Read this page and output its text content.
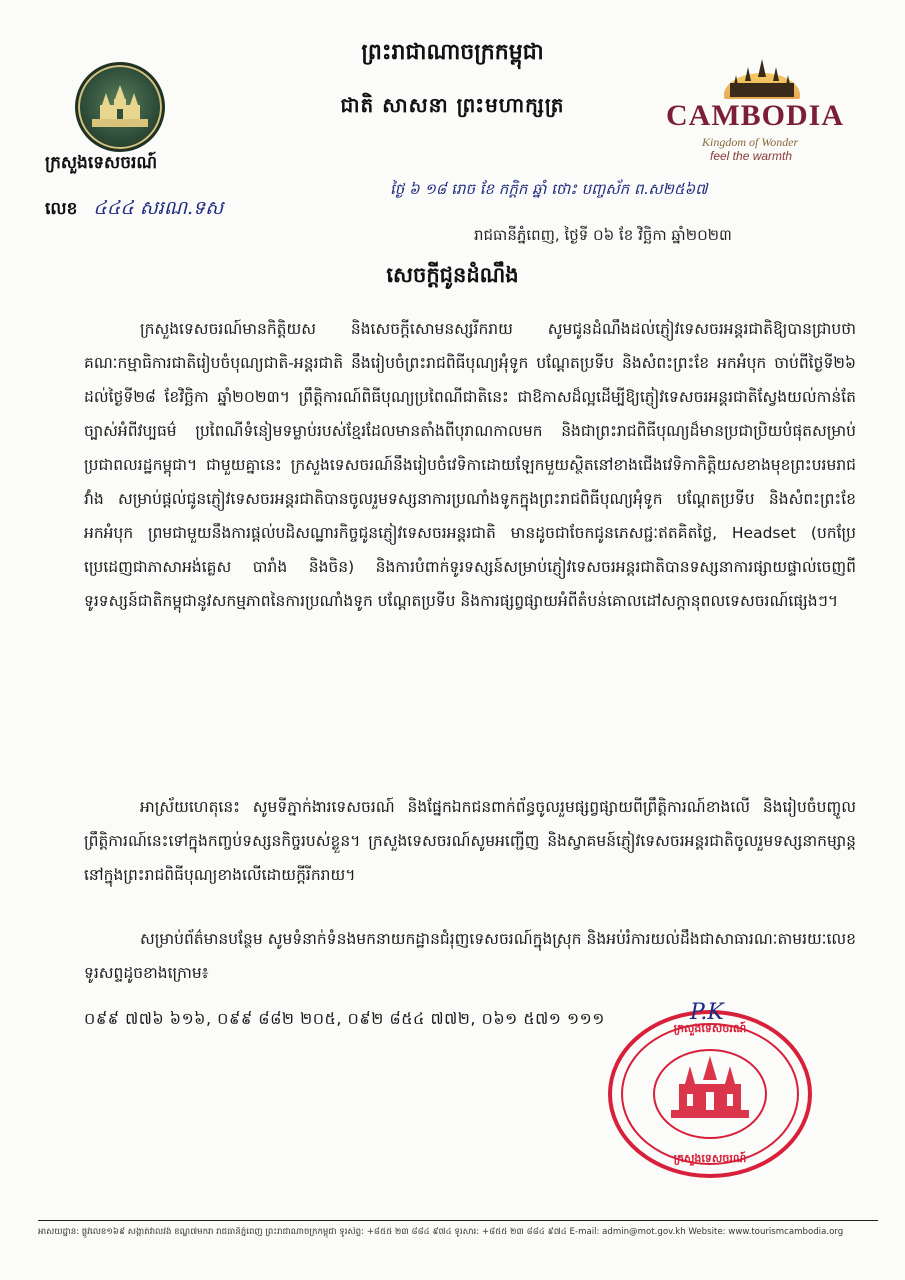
ព្រះរាជាណាចក្រកម្ពុជា
ជាតិ សាសនា ព្រះមហាក្សត្រ
ក្រសួងទេសចរណ៍
លេខ ៤៤៤ សរណ.ទស
CAMBODIA
Kingdom of Wonder
feel the warmth
ថ្ងៃ ៦ ១៨ រោច ខែ កក្ដិក ឆ្នាំ ថោះ បញ្ចស័ក ព.ស២៥៦៧
រាជធានីភ្នំពេញ, ថ្ងៃទី ០៦ ខែ វិច្ឆិកា ឆ្នាំ២០២៣
សេចក្ដីជូនដំណឹង
ក្រសួងទេសចរណ៍មានកិត្តិយស និងសេចក្ដីសោមនស្សរីករាយ សូមជូនដំណឹងដល់ភ្ញៀវទេសចរអន្តរជាតិឱ្យបានជ្រាបថា គណៈកម្មាធិការជាតិរៀបចំបុណ្យជាតិ-អន្តរជាតិ នឹងរៀបចំព្រះរាជពិធីបុណ្យអុំទូក បណ្ដែតប្រទីប និងសំពះព្រះខែ អកអំបុក ចាប់ពីថ្ងៃទី២៦ ដល់ថ្ងៃទី២៨ ខែវិច្ឆិកា ឆ្នាំ២០២៣។ ព្រឹត្តិការណ៍ពិធីបុណ្យប្រពៃណីជាតិនេះ ជាឱកាសដ៏ល្អដើម្បីឱ្យភ្ញៀវទេសចរអន្តរជាតិស្វែងយល់កាន់តែច្បាស់អំពីវប្បធម៌ ប្រពៃណីទំនៀមទម្លាប់របស់ខ្មែរដែលមានតាំងពីបុរាណកាលមក និងជាព្រះរាជពិធីបុណ្យដ៏មានប្រជាប្រិយបំផុតសម្រាប់ប្រជាពលរដ្ឋកម្ពុជា។ ជាមួយគ្នានេះ ក្រសួងទេសចរណ៍នឹងរៀបចំវេទិកាដោយឡែកមួយស្ថិតនៅខាងជើងវេទិកាកិត្តិយសខាងមុខព្រះបរមរាជវាំង សម្រាប់ផ្ដល់ជូនភ្ញៀវទេសចរអន្តរជាតិបានចូលរួមទស្សនាការប្រណាំងទូកក្នុងព្រះរាជពិធីបុណ្យអុំទូក បណ្ដែតប្រទីប និងសំពះព្រះខែ អកអំបុក ព្រមជាមួយនឹងការផ្ដល់បដិសណ្ឋារកិច្ចជូនភ្ញៀវទេសចរអន្តរជាតិ មានដូចជាចែកជូនភេសជ្ជៈឥតគិតថ្លៃ, Headset (បកប្រែប្រេដេញជាភាសាអង់គ្លេស បារាំង និងចិន) និងការបំពាក់ទូរទស្សន៍សម្រាប់ភ្ញៀវទេសចរអន្តរជាតិបានទស្សនាការផ្សាយផ្ទាល់ចេញពីទូរទស្សន៍ជាតិកម្ពុជានូវសកម្មភាពនៃការប្រណាំងទូក បណ្ដែតប្រទីប និងការផ្សព្វផ្សាយអំពីតំបន់គោលដៅសក្ដានុពលទេសចរណ៍ផ្សេងៗ។
អាស្រ័យហេតុនេះ សូមទីភ្នាក់ងារទេសចរណ៍ និងផ្នែកឯកជនពាក់ព័ន្ធចូលរួមផ្សព្វផ្សាយពីព្រឹត្តិការណ៍ខាងលើ និងរៀបចំបញ្ចូលព្រឹត្តិការណ៍នេះទៅក្នុងកញ្ចប់ទស្សនកិច្ចរបស់ខ្លួន។ ក្រសួងទេសចរណ៍សូមអញ្ជើញ និងស្វាគមន៍ភ្ញៀវទេសចរអន្តរជាតិចូលរួមទស្សនាកម្សាន្តនៅក្នុងព្រះរាជពិធីបុណ្យខាងលើដោយក្ដីរីករាយ។
សម្រាប់ព័ត៌មានបន្ថែម សូមទំនាក់ទំនងមកនាយកដ្ឋានជំរុញទេសចរណ៍ក្នុងស្រុក និងអប់រំការយល់ដឹងជាសាធារណៈតាមរយៈលេខទូរសព្ទដូចខាងក្រោម៖
០៩៩ ៧៧៦ ៦១៦, ០៩៩ ៨៨២ ២០៥, ០៩២ ៨៥៤ ៧៧២, ០៦១ ៥៧១ ១១១
ក្រសួងទេសចរណ៍
ក្រសួងទេសចរណ៍
P.K
អាសយដ្ឋាន: ផ្លូវលេខ១៦៩ សង្កាត់វាលវង់ ខណ្ឌ៧មករា រាជធានីភ្នំពេញ ព្រះរាជាណាចក្រកម្ពុជា ទូរស័ព្ទ: +៨៥៥ ២៣ ៨៨៤ ៩៧៤ ទូរសារ: +៨៥៥ ២៣ ៨៨៤ ៩៧៤ E-mail: admin@mot.gov.kh Website: www.tourismcambodia.org
